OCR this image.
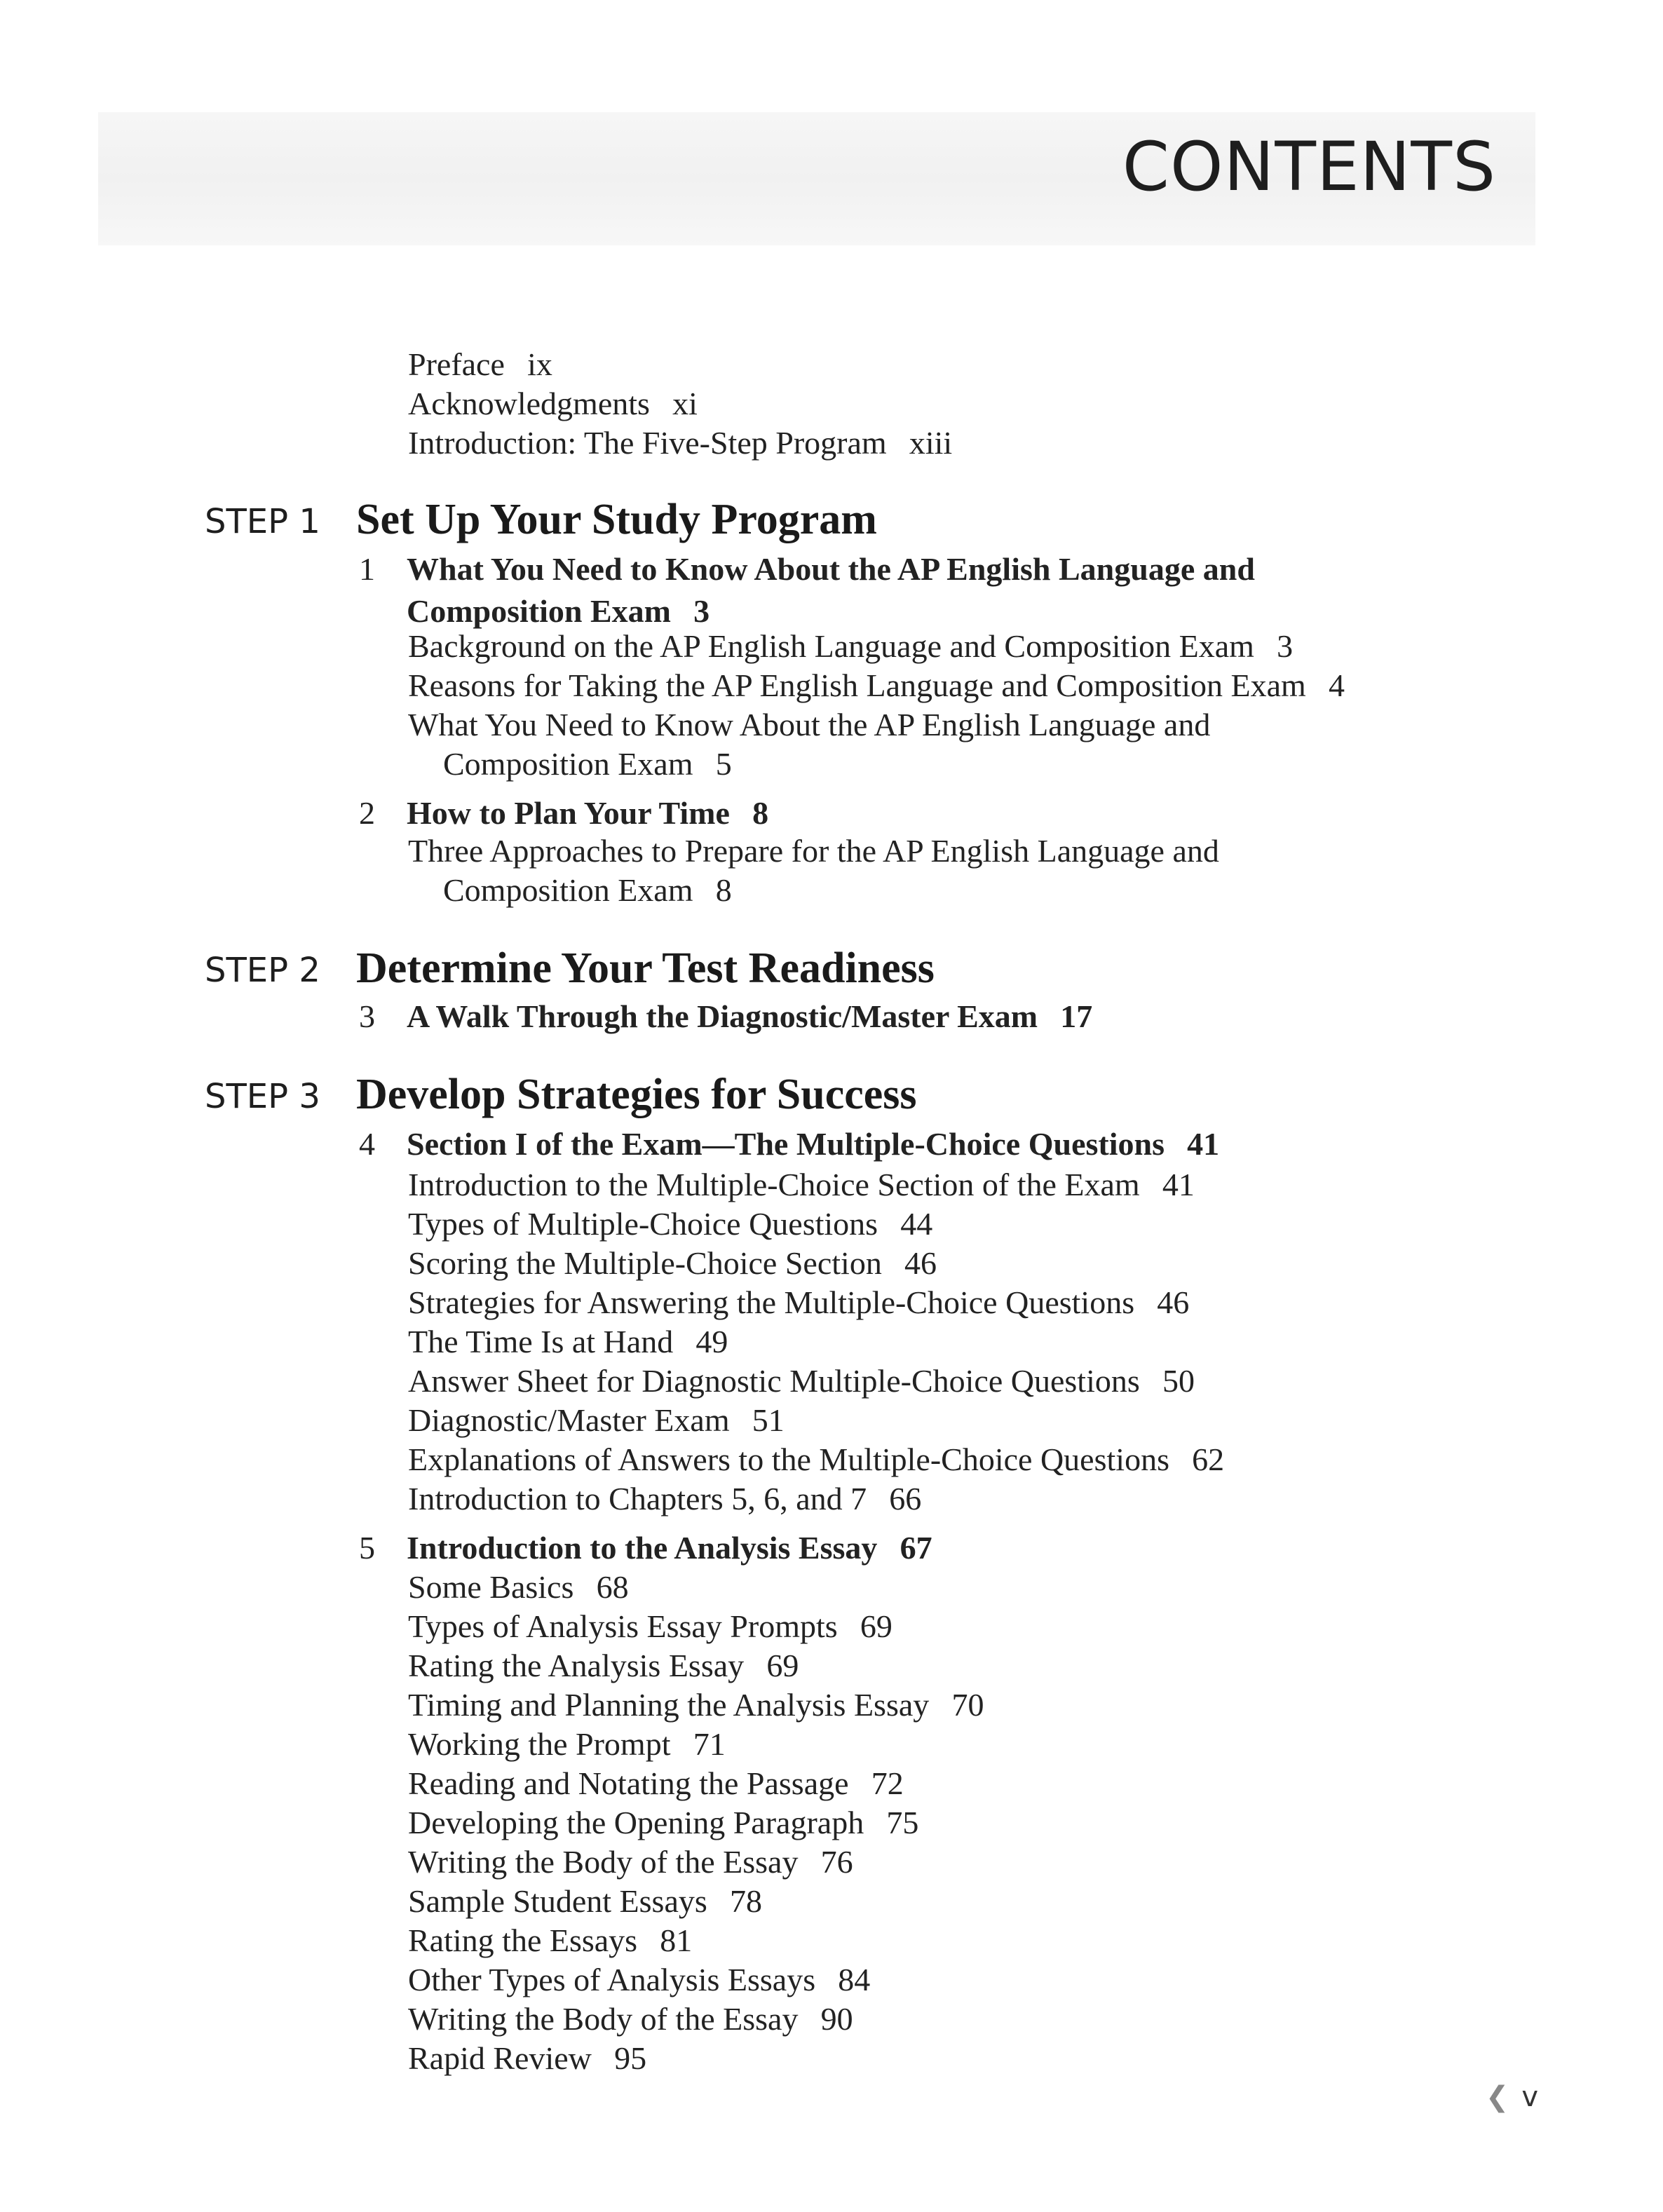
CONTENTS
Preface ix
Acknowledgments xi
Introduction: The Five-Step Program xiii
STEP 1 Set Up Your Study Program
1 What You Need to Know About the AP English Language and
Composition Exam 3
Background on the AP English Language and Composition Exam 3
Reasons for Taking the AP English Language and Composition Exam 4
What You Need to Know About the AP English Language and
Composition Exam 5
2 How to Plan Your Time 8
Three Approaches to Prepare for the AP English Language and
Composition Exam 8
STEP 2 Determine Your Test Readiness
3 A Walk Through the Diagnostic/Master Exam 17
STEP 3 Develop Strategies for Success
4 Section I of the Exam—The Multiple-Choice Questions 41
Introduction to the Multiple-Choice Section of the Exam 41
Types of Multiple-Choice Questions 44
Scoring the Multiple-Choice Section 46
Strategies for Answering the Multiple-Choice Questions 46
The Time Is at Hand 49
Answer Sheet for Diagnostic Multiple-Choice Questions 50
Diagnostic/Master Exam 51
Explanations of Answers to the Multiple-Choice Questions 62
Introduction to Chapters 5, 6, and 7 66
5 Introduction to the Analysis Essay 67
Some Basics 68
Types of Analysis Essay Prompts 69
Rating the Analysis Essay 69
Timing and Planning the Analysis Essay 70
Working the Prompt 71
Reading and Notating the Passage 72
Developing the Opening Paragraph 75
Writing the Body of the Essay 76
Sample Student Essays 78
Rating the Essays 81
Other Types of Analysis Essays 84
Writing the Body of the Essay 90
Rapid Review 95
❮ v
